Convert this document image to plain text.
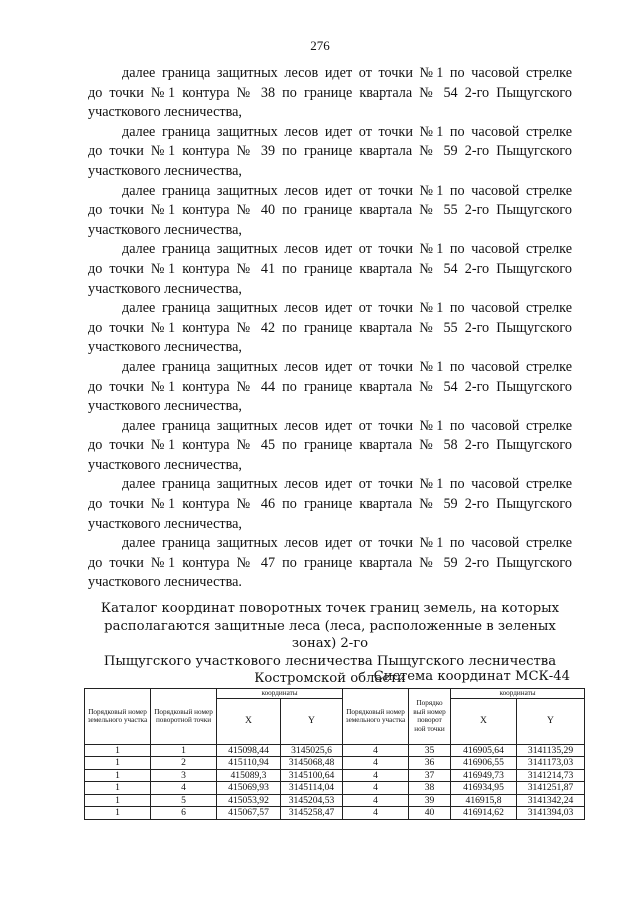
276
далее граница защитных лесов идет от точки №1 по часовой стрелке
до точки №1 контура № 38 по границе квартала № 54 2-го Пыщугского
участкового лесничества,
далее граница защитных лесов идет от точки №1 по часовой стрелке
до точки №1 контура № 39 по границе квартала № 59 2-го Пыщугского
участкового лесничества,
далее граница защитных лесов идет от точки №1 по часовой стрелке
до точки №1 контура № 40 по границе квартала № 55 2-го Пыщугского
участкового лесничества,
далее граница защитных лесов идет от точки №1 по часовой стрелке
до точки №1 контура № 41 по границе квартала № 54 2-го Пыщугского
участкового лесничества,
далее граница защитных лесов идет от точки №1 по часовой стрелке
до точки №1 контура № 42 по границе квартала № 55 2-го Пыщугского
участкового лесничества,
далее граница защитных лесов идет от точки №1 по часовой стрелке
до точки №1 контура № 44 по границе квартала № 54 2-го Пыщугского
участкового лесничества,
далее граница защитных лесов идет от точки №1 по часовой стрелке
до точки №1 контура № 45 по границе квартала № 58 2-го Пыщугского
участкового лесничества,
далее граница защитных лесов идет от точки №1 по часовой стрелке
до точки №1 контура № 46 по границе квартала № 59 2-го Пыщугского
участкового лесничества,
далее граница защитных лесов идет от точки №1 по часовой стрелке
до точки №1 контура № 47 по границе квартала № 59 2-го Пыщугского
участкового лесничества.
Каталог координат поворотных точек границ земель, на которых
располагаются защитные леса (леса, расположенные в зеленых зонах) 2-го
Пыщугского участкового лесничества Пыщугского лесничества
Костромской области
Система координат МСК-44
Порядковый номер земельного участка	Порядковый номер поворотной точки	координаты		Порядковый номер земельного участка	Порядко вый номер поворот ной точки	координаты	
		X	Y			X	Y
1	1	415098,44	3145025,6	4	35	416905,64	3141135,29
1	2	415110,94	3145068,48	4	36	416906,55	3141173,03
1	3	415089,3	3145100,64	4	37	416949,73	3141214,73
1	4	415069,93	3145114,04	4	38	416934,95	3141251,87
1	5	415053,92	3145204,53	4	39	416915,8	3141342,24
1	6	415067,57	3145258,47	4	40	416914,62	3141394,03
